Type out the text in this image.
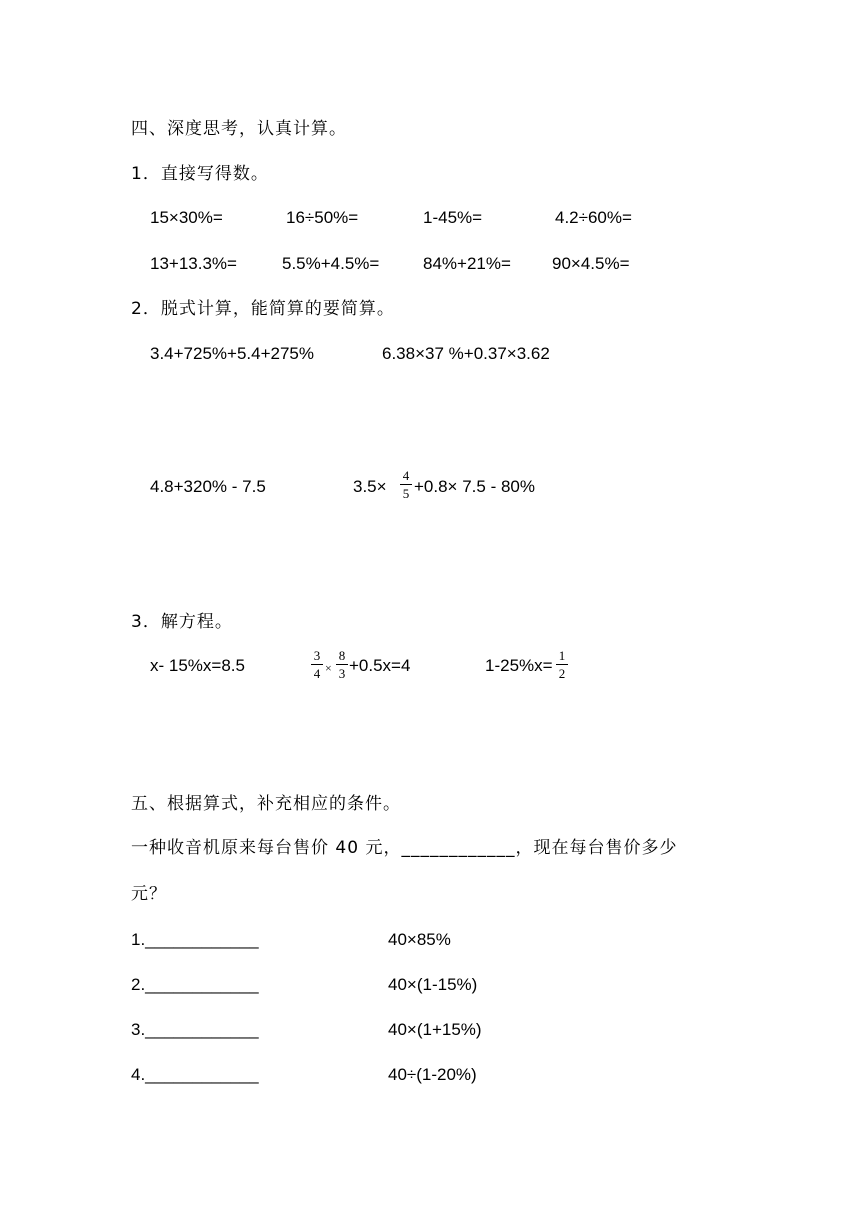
四、深度思考，认真计算。
1．直接写得数。
15×30%=	16÷50%=	1-45%=	4.2÷60%=
13+13.3%=	5.5%+4.5%=	84%+21%= 90×4.5%=
2．脱式计算，能简算的要简算。
3.4+725%+5.4+275%	6.38×37 %+0.37×3.62
4.8+320% - 7.5	3.5×
4
5 +0.8× 7.5 - 80%
3．解方程。
x- 15%x=8.5
3
4 ×
8
3 +0.5x=4	1-25%x=
1
2
五、根据算式，补充相应的条件。
一种收音机原来每台售价 40 元，____________，现在每台售价多少
元？
1.____________	40×85%
2.____________	40×(1-15%)
3.____________	40×(1+15%)
4.____________	40÷(1-20%)
